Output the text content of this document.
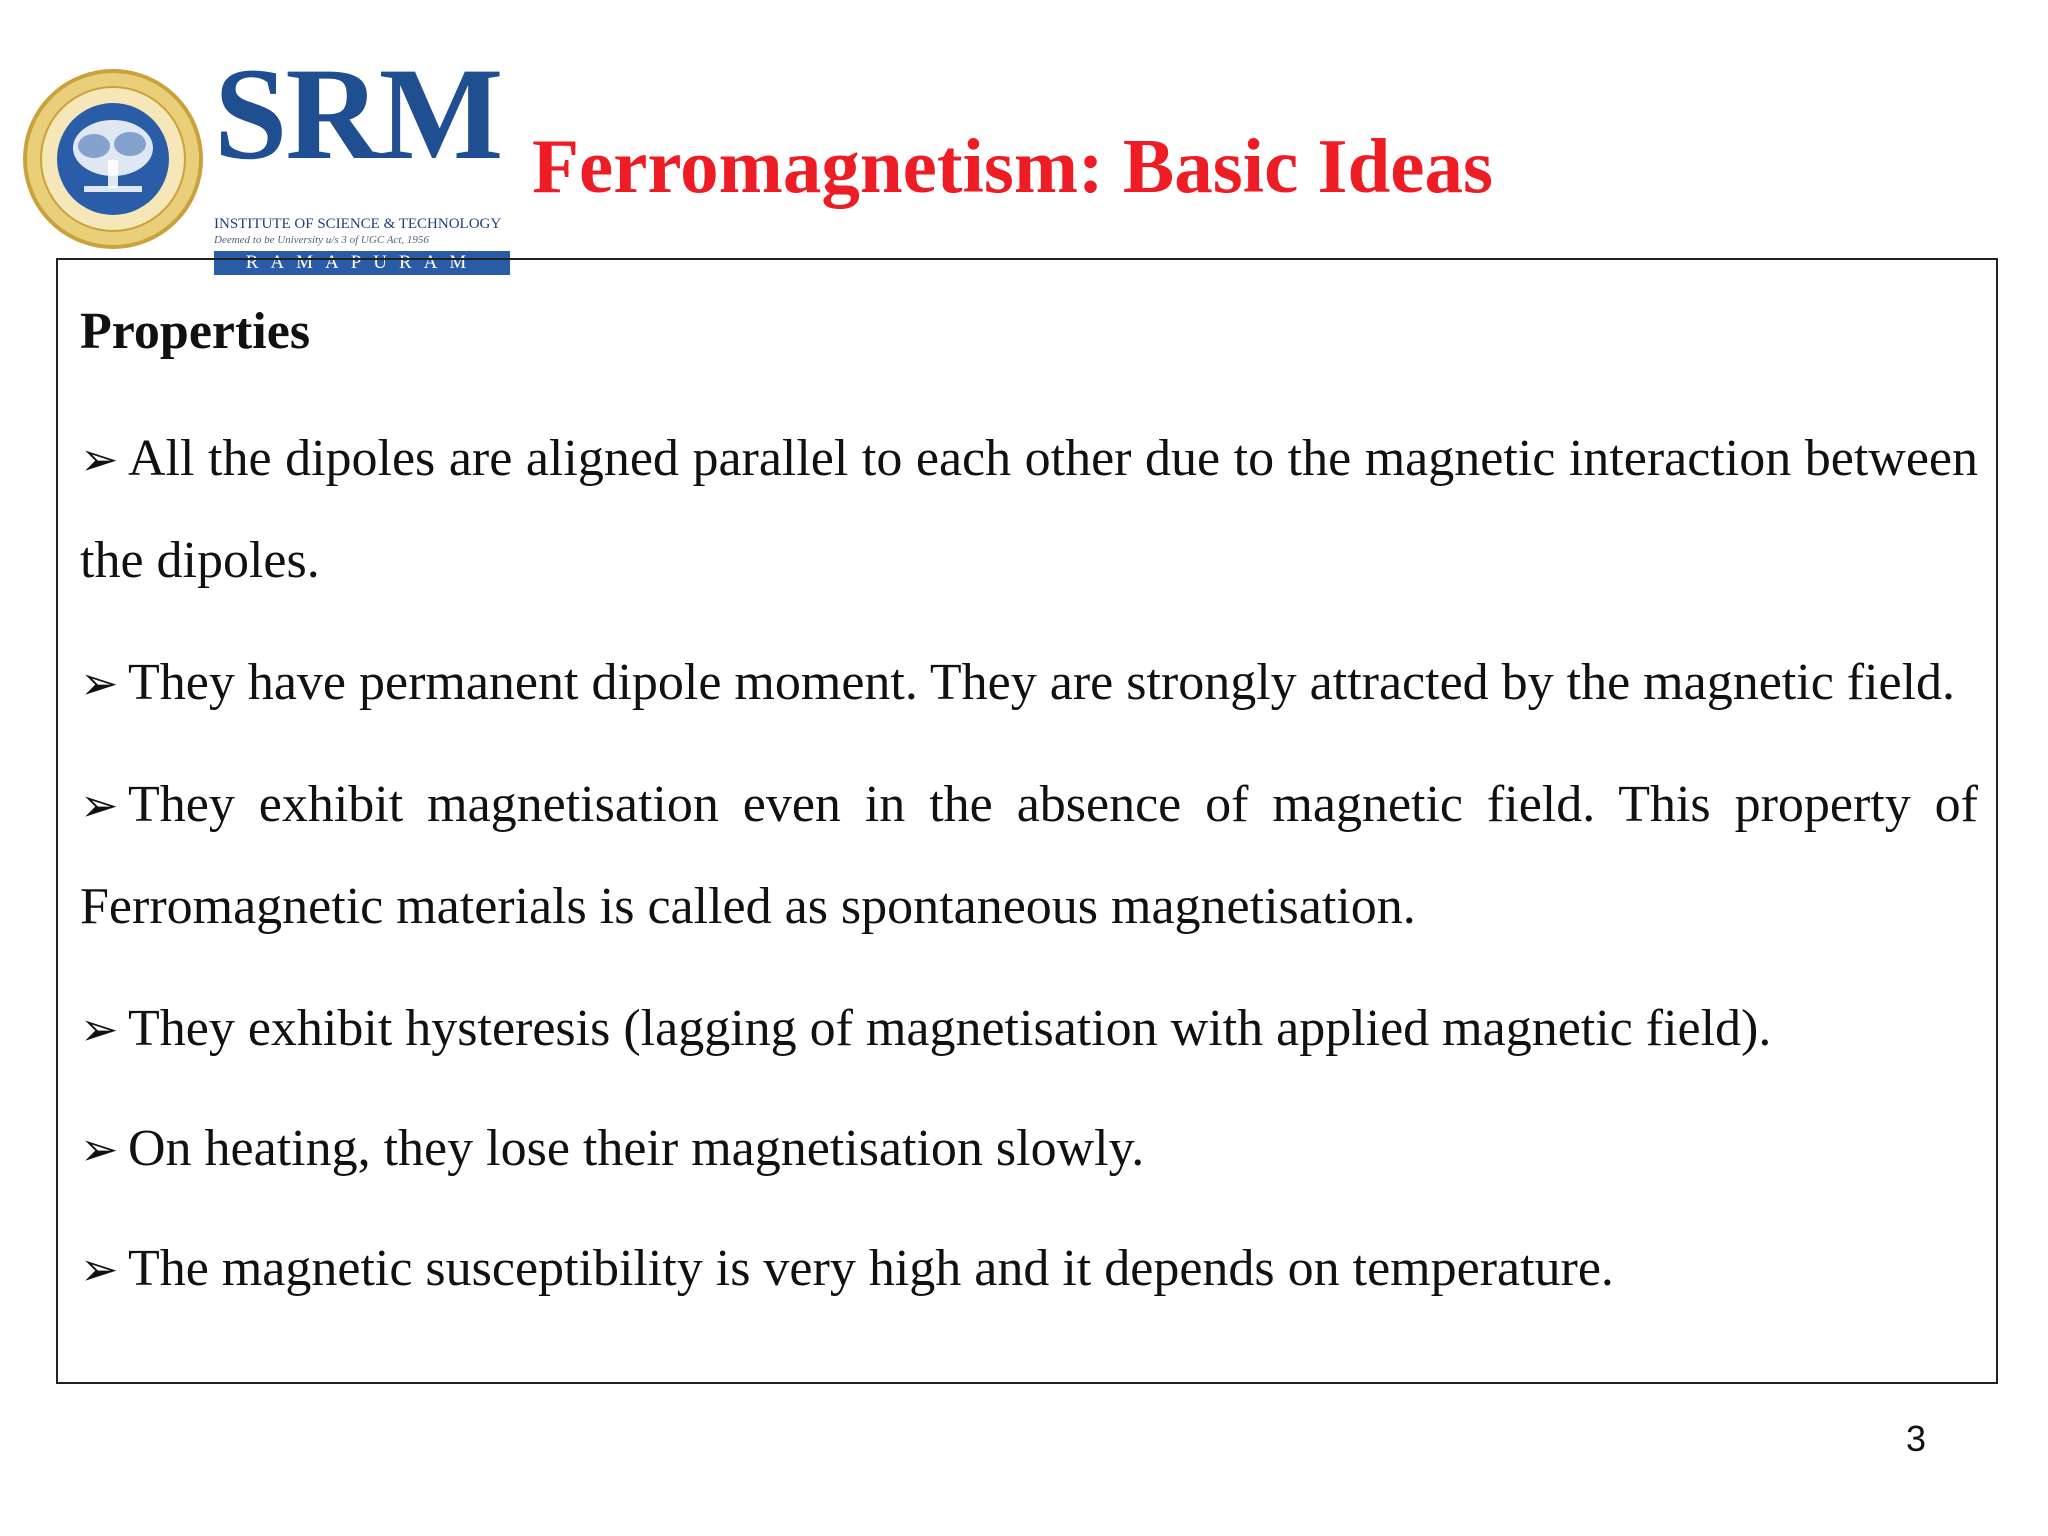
SRM
INSTITUTE OF SCIENCE & TECHNOLOGY
Deemed to be University u/s 3 of UGC Act, 1956
RAMAPURAM
Ferromagnetism: Basic Ideas
Properties
➢ All the dipoles are aligned parallel to each other due to the magnetic interaction between the dipoles.
➢ They have permanent dipole moment. They are strongly attracted by the magnetic field.
➢ They exhibit magnetisation even in the absence of magnetic field. This property of Ferromagnetic materials is called as spontaneous magnetisation.
➢ They exhibit hysteresis (lagging of magnetisation with applied magnetic field).
➢ On heating, they lose their magnetisation slowly.
➢ The magnetic susceptibility is very high and it depends on temperature.
3
